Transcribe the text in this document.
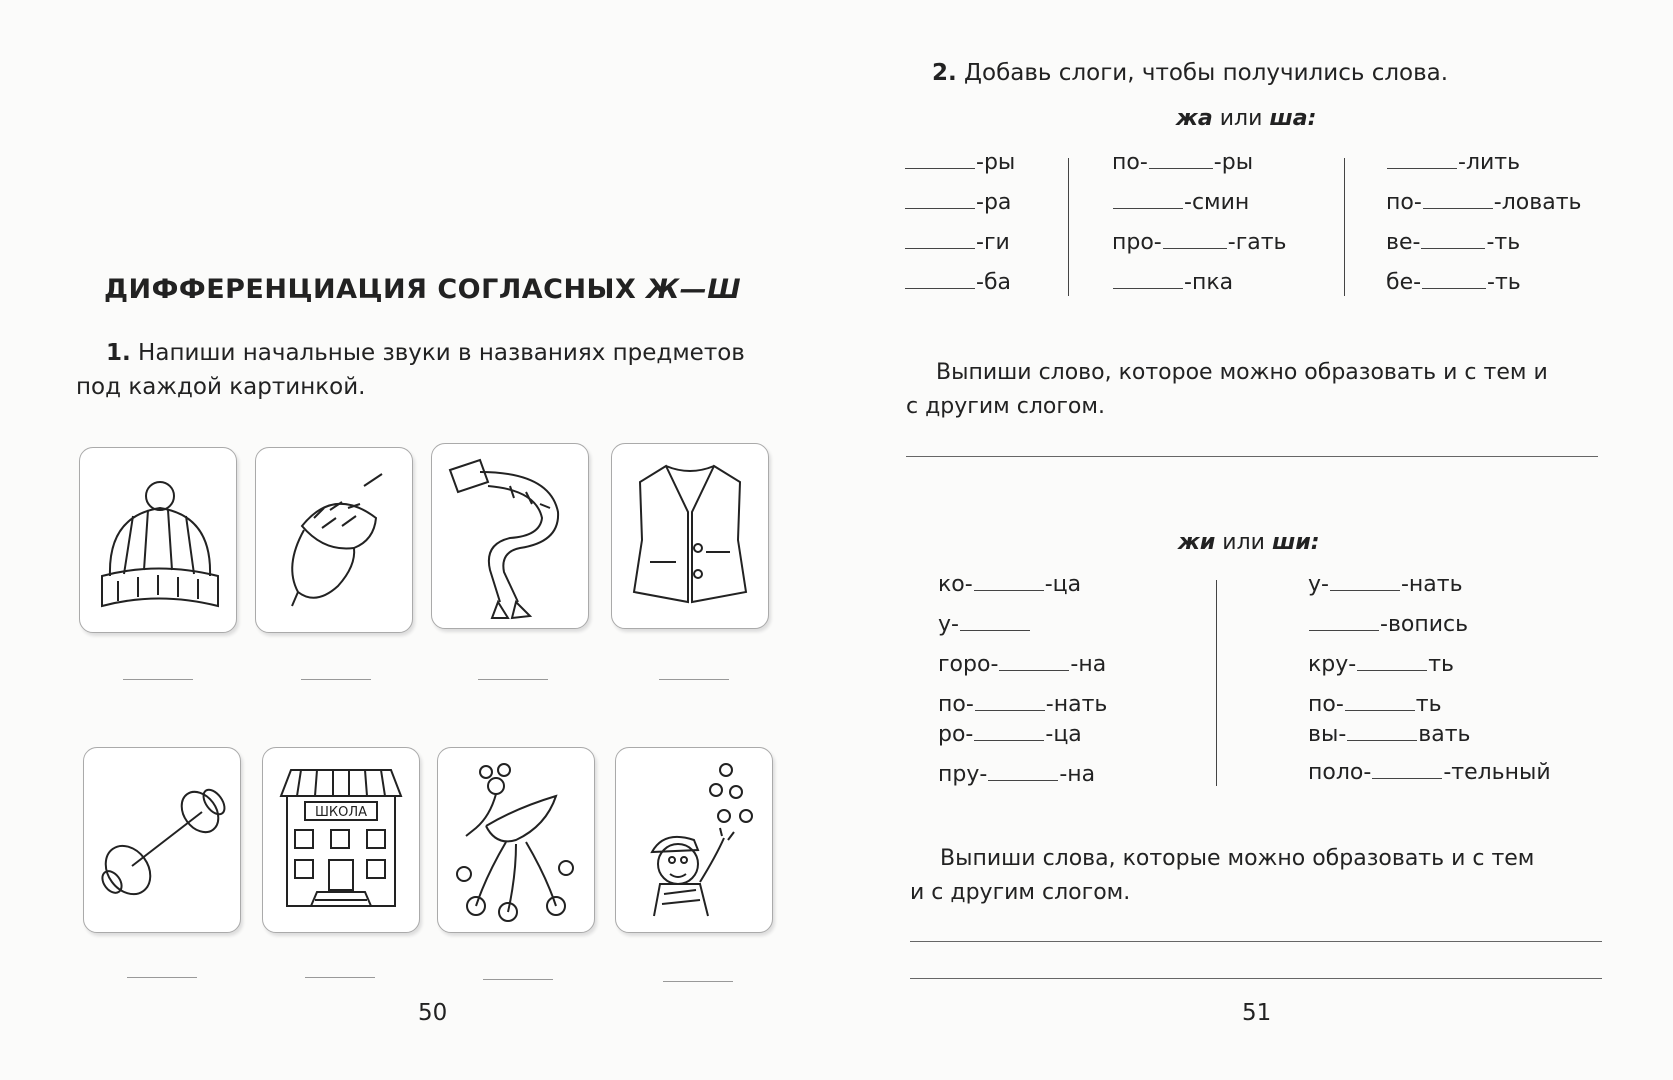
ДИФФЕРЕНЦИАЦИЯ СОГЛАСНЫХ Ж—Ш
1. Напиши начальные звуки в названиях предметов
под каждой картинкой.
ШКОЛА
50
2. Добавь слоги, чтобы получились слова.
жа или ша:
-ры
-ра
-ги
-ба
по-	-ры
-смин
про-	-гать
-пка
-лить
по-	-ловать
ве-	-ть
бе-	-ть
Выпиши слово, которое можно образовать и с тем и
с другим слогом.
жи или ши:
ко-	-ца
у-
горо-	-на
по-	-нать
ро-	-ца
пру-	-на
у-	-нать
-вопись
кру-	ть
по-	ть
вы-	вать
поло-	-тельный
Выпиши слова, которые можно образовать и с тем
и с другим слогом.
51
